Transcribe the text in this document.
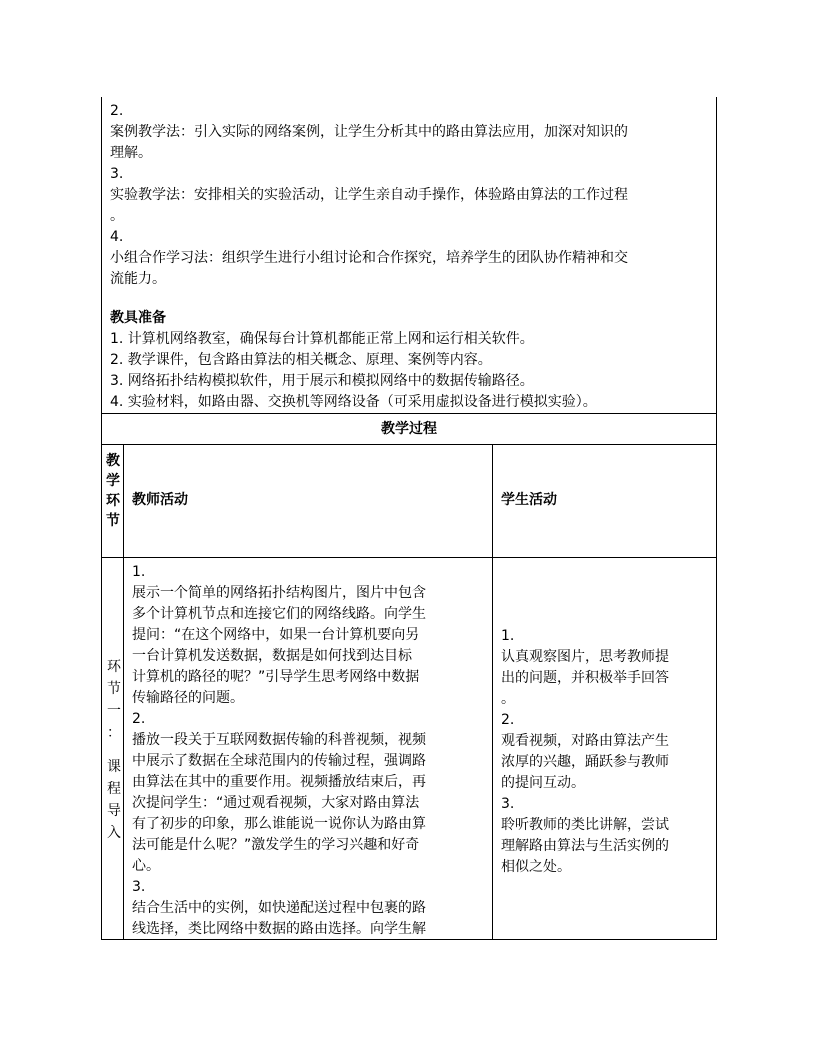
2.
案例教学法：引入实际的网络案例，让学生分析其中的路由算法应用，加深对知识的
理解。
3.
实验教学法：安排相关的实验活动，让学生亲自动手操作，体验路由算法的工作过程
。
4.
小组合作学习法：组织学生进行小组讨论和合作探究，培养学生的团队协作精神和交
流能力。
教具准备
1. 计算机网络教室，确保每台计算机都能正常上网和运行相关软件。
2. 教学课件，包含路由算法的相关概念、原理、案例等内容。
3. 网络拓扑结构模拟软件，用于展示和模拟网络中的数据传输路径。
4. 实验材料，如路由器、交换机等网络设备（可采用虚拟设备进行模拟实验）。
教学过程
教
学
环
节
教师活动	学生活动
环
节
一
：
课
程
导
入
1.
展示一个简单的网络拓扑结构图片，图片中包含
多个计算机节点和连接它们的网络线路。向学生
提问：“在这个网络中，如果一台计算机要向另
一台计算机发送数据，数据是如何找到达目标
计算机的路径的呢？”引导学生思考网络中数据
传输路径的问题。
2.
播放一段关于互联网数据传输的科普视频，视频
中展示了数据在全球范围内的传输过程，强调路
由算法在其中的重要作用。视频播放结束后，再
次提问学生：“通过观看视频，大家对路由算法
有了初步的印象，那么谁能说一说你认为路由算
法可能是什么呢？”激发学生的学习兴趣和好奇
心。
3.
结合生活中的实例，如快递配送过程中包裹的路
线选择，类比网络中数据的路由选择。向学生解
1.
认真观察图片，思考教师提
出的问题，并积极举手回答
。
2.
观看视频，对路由算法产生
浓厚的兴趣，踊跃参与教师
的提问互动。
3.
聆听教师的类比讲解，尝试
理解路由算法与生活实例的
相似之处。
